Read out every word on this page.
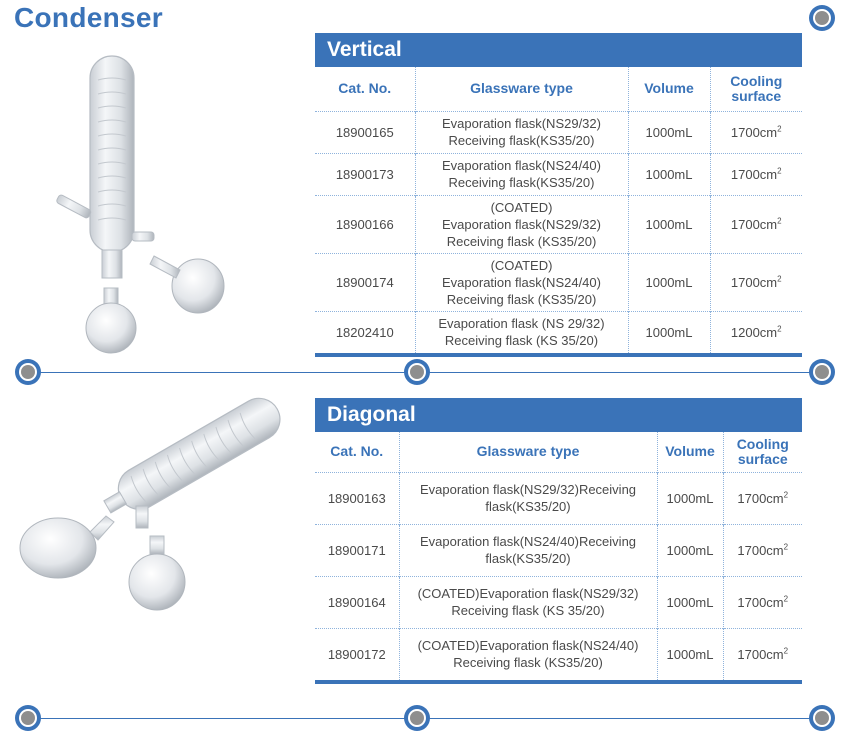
Condenser
Vertical
Cat. No.	Glassware type	Volume	Cooling
surface
18900165	Evaporation flask(NS29/32)
Receiving flask(KS35/20)	1000mL	$1700cm^2$
18900173	Evaporation flask(NS24/40)
Receiving flask(KS35/20)	1000mL	$1700cm^2$
18900166	(COATED)
Evaporation flask(NS29/32)
Receiving flask (KS35/20)	1000mL	$1700cm^2$
18900174	(COATED)
Evaporation flask(NS24/40)
Receiving flask (KS35/20)	1000mL	$1700cm^2$
18202410	Evaporation flask (NS 29/32)
Receiving flask (KS 35/20)	1000mL	$1200cm^2$
Diagonal
Cat. No.	Glassware type	Volume	Cooling
surface
18900163	Evaporation flask(NS29/32)Receiving
flask(KS35/20)	1000mL	$1700cm^2$
18900171	Evaporation flask(NS24/40)Receiving
flask(KS35/20)	1000mL	$1700cm^2$
18900164	(COATED)Evaporation flask(NS29/32)
Receiving flask (KS 35/20)	1000mL	$1700cm^2$
18900172	(COATED)Evaporation flask(NS24/40)
Receiving flask (KS35/20)	1000mL	$1700cm^2$
